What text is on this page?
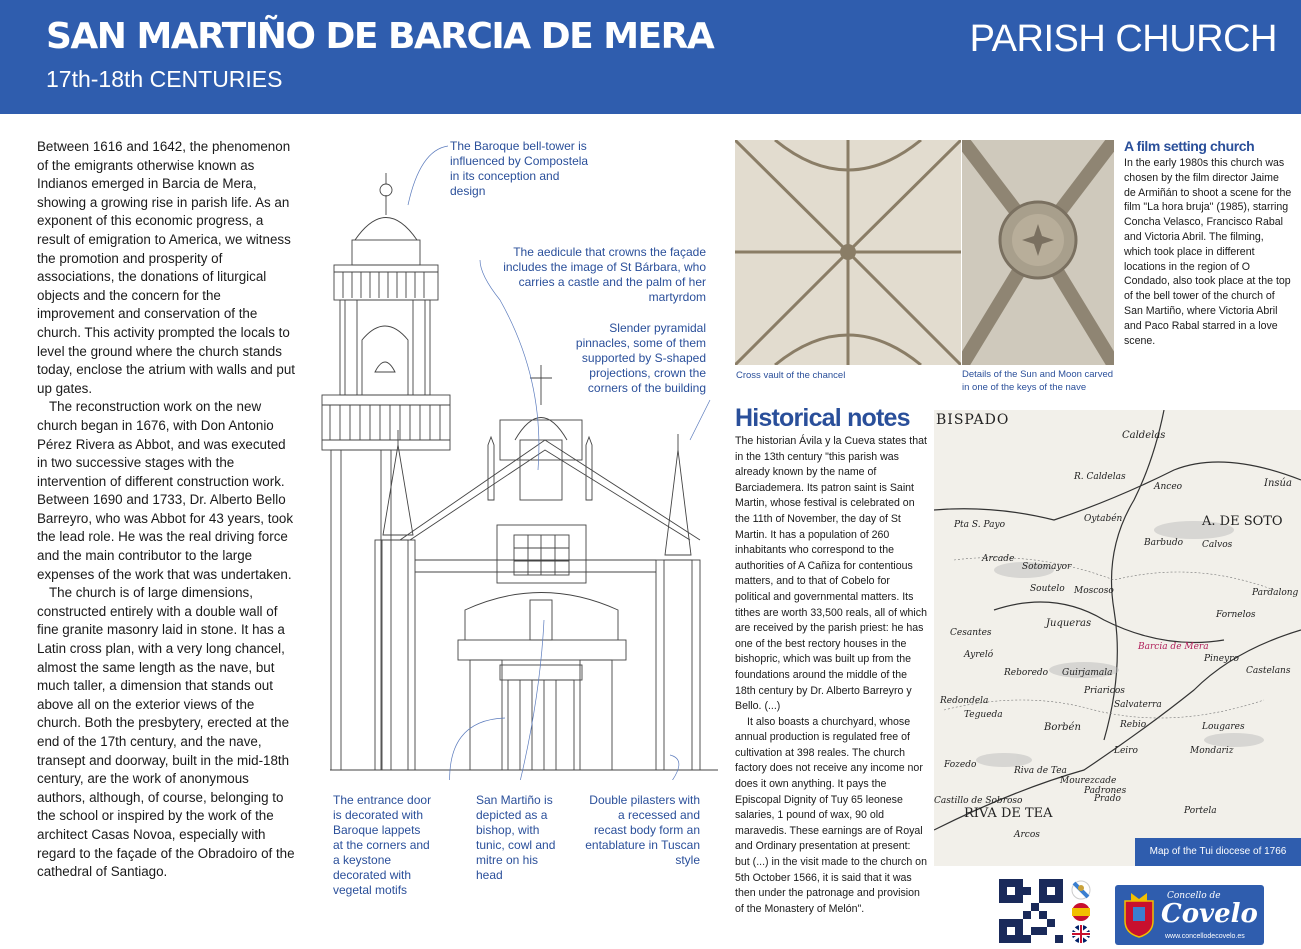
SAN MARTIÑO DE BARCIA DE MERA
17th-18th CENTURIES
PARISH CHURCH

Between 1616 and 1642, the phenomenon of the emigrants otherwise known as Indianos emerged in Barcia de Mera, showing a growing rise in parish life. As an exponent of this economic progress, a result of emigration to America, we witness the promotion and prosperity of associations, the donations of liturgical objects and the concern for the improvement and conservation of the church. This activity prompted the locals to level the ground where the church stands today, enclose the atrium with walls and put up gates.

The reconstruction work on the new church began in 1676, with Don Antonio Pérez Rivera as Abbot, and was executed in two successive stages with the intervention of different construction work. Between 1690 and 1733, Dr. Alberto Bello Barreyro, who was Abbot for 43 years, took the lead role. He was the real driving force and the main contributor to the large expenses of the work that was undertaken.

The church is of large dimensions, constructed entirely with a double wall of fine granite masonry laid in stone. It has a Latin cross plan, with a very long chancel, almost the same length as the nave, but much taller, a dimension that stands out above all on the exterior views of the church. Both the presbytery, erected at the end of the 17th century, and the nave, transept and doorway, built in the mid-18th century, are the work of anonymous authors, although, of course, belonging to the school or inspired by the work of the architect Casas Novoa, especially with regard to the façade of the Obradoiro of the cathedral of Santiago.

The Baroque bell-tower is influenced by Compostela in its conception and design
The aedicule that crowns the façade includes the image of St Bárbara, who carries a castle and the palm of her martyrdom
Slender pyramidal pinnacles, some of them supported by S-shaped projections, crown the corners of the building
The entrance door is decorated with Baroque lappets at the corners and a keystone decorated with vegetal motifs
San Martiño is depicted as a bishop, with tunic, cowl and mitre on his head
Double pilasters with a recessed and recast body form an entablature in Tuscan style
Cross vault of the chancel	Details of the Sun and Moon carved in one of the keys of the nave
A film setting church
In the early 1980s this church was chosen by the film director Jaime de Armiñán to shoot a scene for the film "La hora bruja" (1985), starring Concha Velasco, Francisco Rabal and Victoria Abril. The filming, which took place in different locations in the region of O Condado, also took place at the top of the bell tower of the church of San Martiño, where Victoria Abril and Paco Rabal starred in a love scene.
Historical notes

The historian Ávila y la Cueva states that in the 13th century "this parish was already known by the name of Barciademera. Its patron saint is Saint Martin, whose festival is celebrated on the 11th of November, the day of St Martin. It has a population of 260 inhabitants who correspond to the authorities of A Cañiza for contentious matters, and to that of Cobelo for political and governmental matters. Its tithes are worth 33,500 reals, all of which are received by the parish priest: he has one of the best rectory houses in the bishopric, which was built up from the foundations around the middle of the 18th century by Dr. Alberto Barreyro y Bello. (...)

It also boasts a churchyard, whose annual production is regulated free of cultivation at 398 reales. The church factory does not receive any income nor does it own anything. It pays the Episcopal Dignity of Tuy 65 leonese salaries, 1 pound of wax, 90 old maravedis. These earnings are of Royal and Ordinary presentation at present: but (...) in the visit made to the church on 5th October 1566, it is said that it was then under the patronage and provision of the Monastery of Melón".

BISPADO
Caldelas
R. Caldelas
Anceo	Insúa
A. DE SOTO
Pta S. Payo
Oytabén
Barbudo Calvos
Pardalong
Arcade
Sotomayor
Moscoso
Fornelos
Soutelo
Juqueras
Cesantes
Ayreló
Barcia de Mera
Pineyro
Reboredo Guirjamala	Castelans
Priaricos
Redondela	Salvaterra
Rebio	Lougares
Tegueda
Borbén
Mondariz
Leiro
Fozedo
Riva de Tea
Padrones
Castillo de Sobroso
Mourezcade
RIVA DE TEA
Prado
Portela
Arcos
Map of the Tui diocese of 1766
Concello de
Covelo
www.concellodecovelo.es
